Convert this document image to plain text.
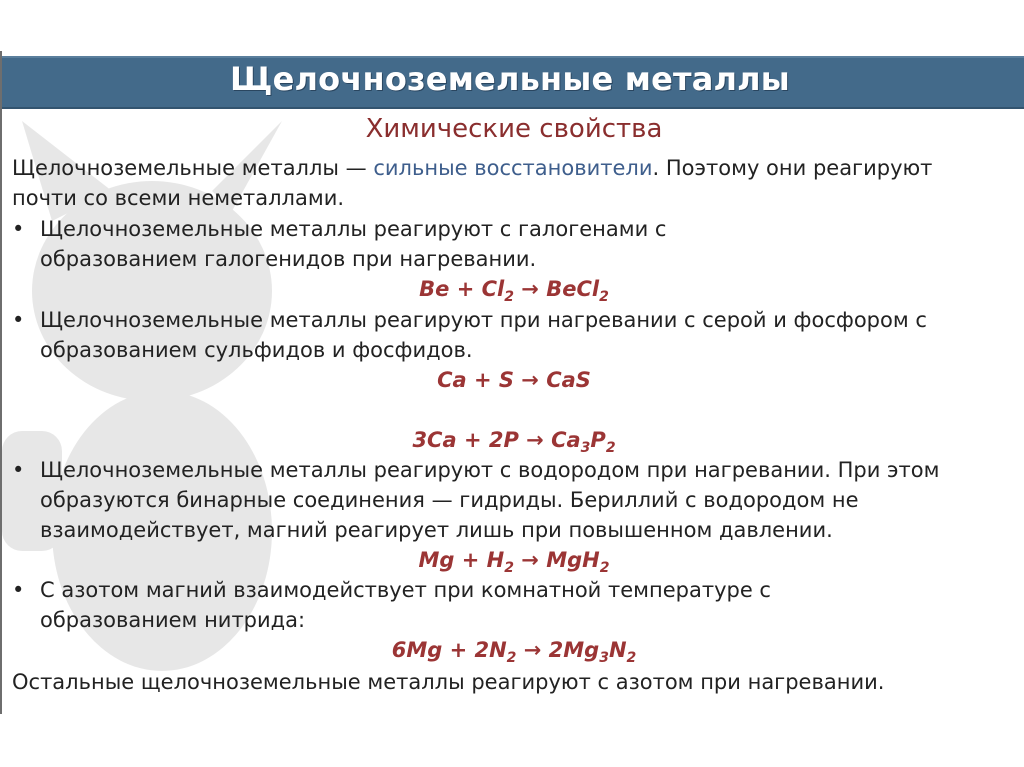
Щелочноземельные металлы
Химические свойства
Щелочноземельные металлы — сильные восстановители. Поэтому они реагируют
почти со всеми неметаллами.
• Щелочноземельные металлы реагируют с галогенами с
образованием галогенидов при нагревании.
$Be + Cl_2$ → BeCl$_2$
• Щелочноземельные металлы реагируют при нагревании с серой и фосфором с
образованием сульфидов и фосфидов.
Ca + S → CaS
$3Ca + 2P \to Ca_3P_2$
• Щелочноземельные металлы реагируют с водородом при нагревании. При этом
образуются бинарные соединения — гидриды. Бериллий с водородом не
взаимодействует, магний реагирует лишь при повышенном давлении.
$Mg + H_2 \to MgH_2$
• С азотом магний взаимодействует при комнатной температуре с
образованием нитрида:
$6Mg + 2N_2 \to 2Mg_3N_2$
Остальные щелочноземельные металлы реагируют с азотом при нагревании.
